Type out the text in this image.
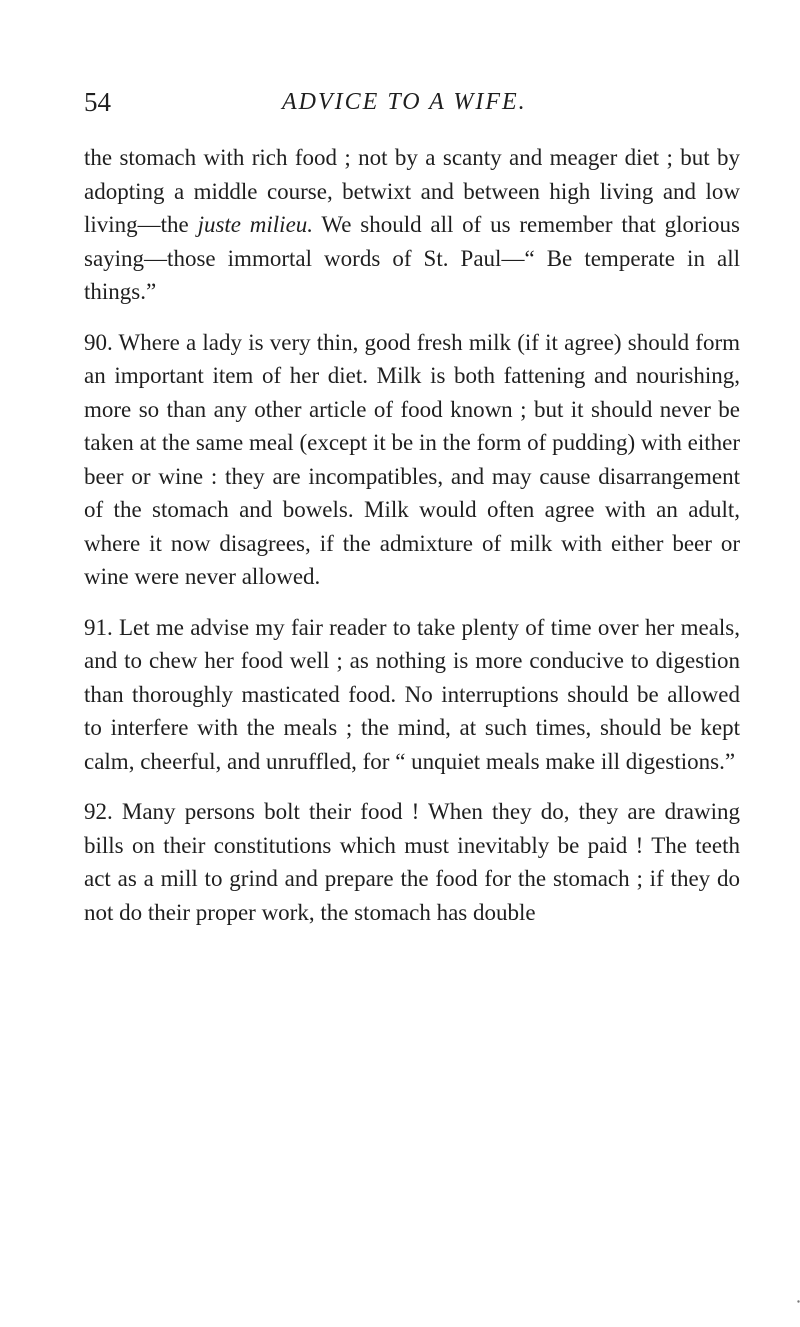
54	ADVICE TO A WIFE.

the stomach with rich food ; not by a scanty and meager diet ; but by adopting a middle course, betwixt and between high living and low living—the juste milieu. We should all of us remember that glorious saying—those immortal words of St. Paul—“ Be temperate in all things.”

90. Where a lady is very thin, good fresh milk (if it agree) should form an important item of her diet. Milk is both fattening and nourishing, more so than any other article of food known ; but it should never be taken at the same meal (except it be in the form of pudding) with either beer or wine : they are incompatibles, and may cause disarrangement of the stomach and bowels. Milk would often agree with an adult, where it now disagrees, if the admixture of milk with either beer or wine were never allowed.

91. Let me advise my fair reader to take plenty of time over her meals, and to chew her food well ; as nothing is more conducive to digestion than thoroughly masticated food. No interruptions should be allowed to interfere with the meals ; the mind, at such times, should be kept calm, cheerful, and unruffled, for “ unquiet meals make ill digestions.”

92. Many persons bolt their food ! When they do, they are drawing bills on their constitutions which must inevitably be paid ! The teeth act as a mill to grind and prepare the food for the stomach ; if they do not do their proper work, the stomach has double
